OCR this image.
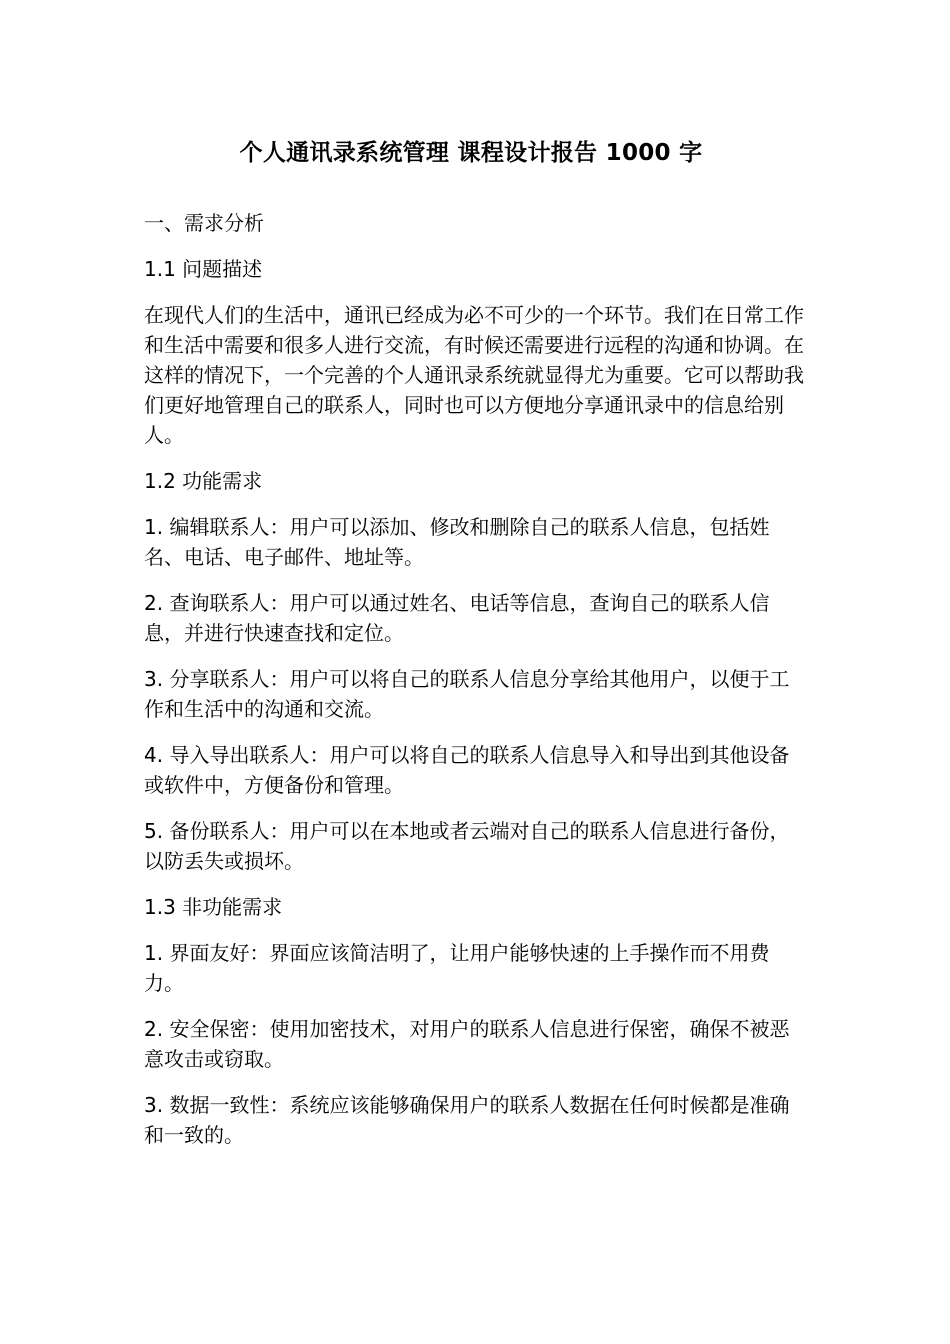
个人通讯录系统管理 课程设计报告 1000 字
一、需求分析
1.1 问题描述
在现代人们的生活中，通讯已经成为必不可少的一个环节。我们在日常工作和生活中需要和很多人进行交流，有时候还需要进行远程的沟通和协调。在这样的情况下，一个完善的个人通讯录系统就显得尤为重要。它可以帮助我们更好地管理自己的联系人，同时也可以方便地分享通讯录中的信息给别人。
1.2 功能需求
1. 编辑联系人：用户可以添加、修改和删除自己的联系人信息，包括姓名、电话、电子邮件、地址等。
2. 查询联系人：用户可以通过姓名、电话等信息，查询自己的联系人信息，并进行快速查找和定位。
3. 分享联系人：用户可以将自己的联系人信息分享给其他用户，以便于工作和生活中的沟通和交流。
4. 导入导出联系人：用户可以将自己的联系人信息导入和导出到其他设备或软件中，方便备份和管理。
5. 备份联系人：用户可以在本地或者云端对自己的联系人信息进行备份，以防丢失或损坏。
1.3 非功能需求
1. 界面友好：界面应该简洁明了，让用户能够快速的上手操作而不用费力。
2. 安全保密：使用加密技术，对用户的联系人信息进行保密，确保不被恶意攻击或窃取。
3. 数据一致性：系统应该能够确保用户的联系人数据在任何时候都是准确和一致的。
